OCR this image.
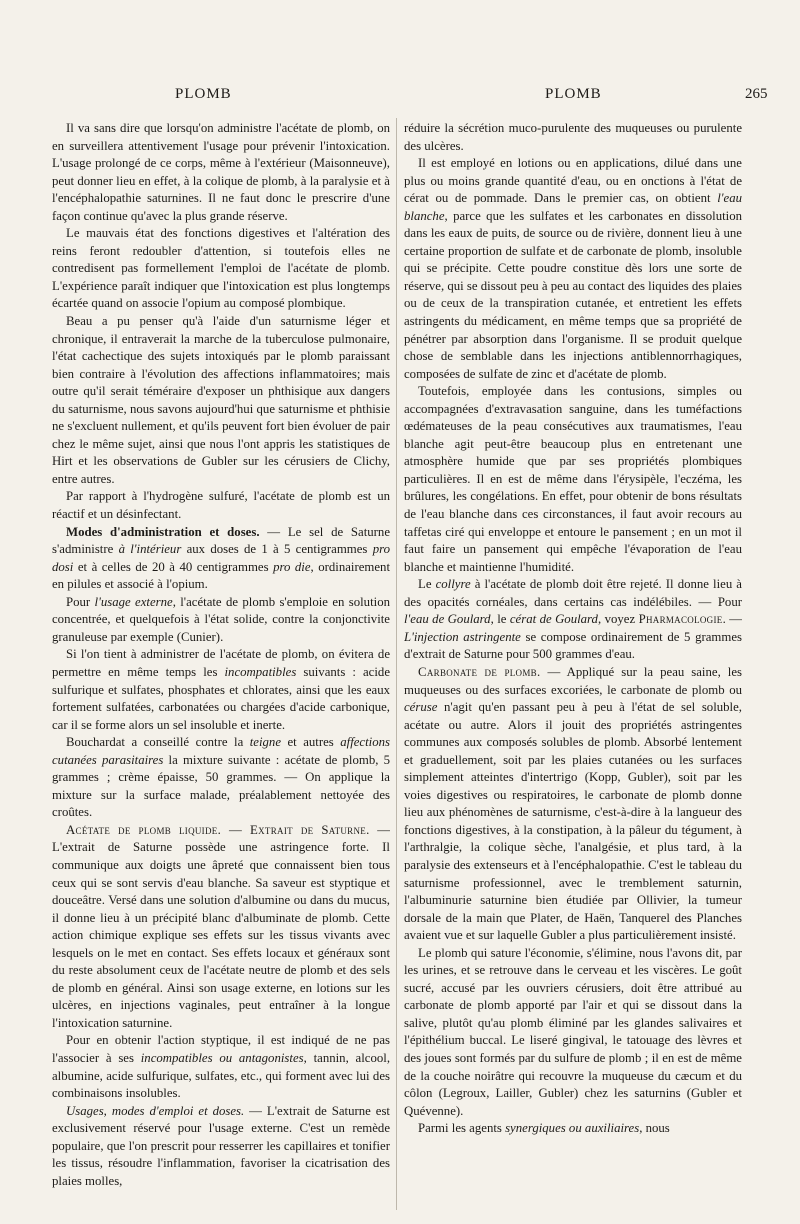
PLOMB	PLOMB	265

Il va sans dire que lorsqu'on administre l'acétate de plomb, on en surveillera attentivement l'usage pour prévenir l'intoxication. L'usage prolongé de ce corps, même à l'extérieur (Maisonneuve), peut donner lieu en effet, à la colique de plomb, à la paralysie et à l'encéphalopathie saturnines. Il ne faut donc le prescrire d'une façon continue qu'avec la plus grande réserve.

Le mauvais état des fonctions digestives et l'altération des reins feront redoubler d'attention, si toutefois elles ne contredisent pas formellement l'emploi de l'acétate de plomb. L'expérience paraît indiquer que l'intoxication est plus longtemps écartée quand on associe l'opium au composé plombique.

Beau a pu penser qu'à l'aide d'un saturnisme léger et chronique, il entraverait la marche de la tuberculose pulmonaire, l'état cachectique des sujets intoxiqués par le plomb paraissant bien contraire à l'évolution des affections inflammatoires; mais outre qu'il serait téméraire d'exposer un phthisique aux dangers du saturnisme, nous savons aujourd'hui que saturnisme et phthisie ne s'excluent nullement, et qu'ils peuvent fort bien évoluer de pair chez le même sujet, ainsi que nous l'ont appris les statistiques de Hirt et les observations de Gubler sur les cérusiers de Clichy, entre autres.

Par rapport à l'hydrogène sulfuré, l'acétate de plomb est un réactif et un désinfectant.

Modes d'administration et doses. — Le sel de Saturne s'administre à l'intérieur aux doses de 1 à 5 centigrammes pro dosi et à celles de 20 à 40 centigrammes pro die, ordinairement en pilules et associé à l'opium.

Pour l'usage externe, l'acétate de plomb s'emploie en solution concentrée, et quelquefois à l'état solide, contre la conjonctivite granuleuse par exemple (Cunier).

Si l'on tient à administrer de l'acétate de plomb, on évitera de permettre en même temps les incompatibles suivants : acide sulfurique et sulfates, phosphates et chlorates, ainsi que les eaux fortement sulfatées, carbonatées ou chargées d'acide carbonique, car il se forme alors un sel insoluble et inerte.

Bouchardat a conseillé contre la teigne et autres affections cutanées parasitaires la mixture suivante : acétate de plomb, 5 grammes ; crème épaisse, 50 grammes. — On applique la mixture sur la surface malade, préalablement nettoyée des croûtes.

Acétate de plomb liquide. — Extrait de Saturne. — L'extrait de Saturne possède une astringence forte. Il communique aux doigts une âpreté que connaissent bien tous ceux qui se sont servis d'eau blanche. Sa saveur est styptique et douceâtre. Versé dans une solution d'albumine ou dans du mucus, il donne lieu à un précipité blanc d'albuminate de plomb. Cette action chimique explique ses effets sur les tissus vivants avec lesquels on le met en contact. Ses effets locaux et généraux sont du reste absolument ceux de l'acétate neutre de plomb et des sels de plomb en général. Ainsi son usage externe, en lotions sur les ulcères, en injections vaginales, peut entraîner à la longue l'intoxication saturnine.

Pour en obtenir l'action styptique, il est indiqué de ne pas l'associer à ses incompatibles ou antagonistes, tannin, alcool, albumine, acide sulfurique, sulfates, etc., qui forment avec lui des combinaisons insolubles.

Usages, modes d'emploi et doses. — L'extrait de Saturne est exclusivement réservé pour l'usage externe. C'est un remède populaire, que l'on prescrit pour resserrer les capillaires et tonifier les tissus, résoudre l'inflammation, favoriser la cicatrisation des plaies molles,

réduire la sécrétion muco-purulente des muqueuses ou purulente des ulcères.

Il est employé en lotions ou en applications, dilué dans une plus ou moins grande quantité d'eau, ou en onctions à l'état de cérat ou de pommade. Dans le premier cas, on obtient l'eau blanche, parce que les sulfates et les carbonates en dissolution dans les eaux de puits, de source ou de rivière, donnent lieu à une certaine proportion de sulfate et de carbonate de plomb, insoluble qui se précipite. Cette poudre constitue dès lors une sorte de réserve, qui se dissout peu à peu au contact des liquides des plaies ou de ceux de la transpiration cutanée, et entretient les effets astringents du médicament, en même temps que sa propriété de pénétrer par absorption dans l'organisme. Il se produit quelque chose de semblable dans les injections antiblennorrhagiques, composées de sulfate de zinc et d'acétate de plomb.

Toutefois, employée dans les contusions, simples ou accompagnées d'extravasation sanguine, dans les tuméfactions œdémateuses de la peau consécutives aux traumatismes, l'eau blanche agit peut-être beaucoup plus en entretenant une atmosphère humide que par ses propriétés plombiques particulières. Il en est de même dans l'érysipèle, l'eczéma, les brûlures, les congélations. En effet, pour obtenir de bons résultats de l'eau blanche dans ces circonstances, il faut avoir recours au taffetas ciré qui enveloppe et entoure le pansement ; en un mot il faut faire un pansement qui empêche l'évaporation de l'eau blanche et maintienne l'humidité.

Le collyre à l'acétate de plomb doit être rejeté. Il donne lieu à des opacités cornéales, dans certains cas indélébiles. — Pour l'eau de Goulard, le cérat de Goulard, voyez Pharmacologie. — L'injection astringente se compose ordinairement de 5 grammes d'extrait de Saturne pour 500 grammes d'eau.

Carbonate de plomb. — Appliqué sur la peau saine, les muqueuses ou des surfaces excoriées, le carbonate de plomb ou céruse n'agit qu'en passant peu à peu à l'état de sel soluble, acétate ou autre. Alors il jouit des propriétés astringentes communes aux composés solubles de plomb. Absorbé lentement et graduellement, soit par les plaies cutanées ou les surfaces simplement atteintes d'intertrigo (Kopp, Gubler), soit par les voies digestives ou respiratoires, le carbonate de plomb donne lieu aux phénomènes de saturnisme, c'est-à-dire à la langueur des fonctions digestives, à la constipation, à la pâleur du tégument, à l'arthralgie, la colique sèche, l'analgésie, et plus tard, à la paralysie des extenseurs et à l'encéphalopathie. C'est le tableau du saturnisme professionnel, avec le tremblement saturnin, l'albuminurie saturnine bien étudiée par Ollivier, la tumeur dorsale de la main que Plater, de Haën, Tanquerel des Planches avaient vue et sur laquelle Gubler a plus particulièrement insisté.

Le plomb qui sature l'économie, s'élimine, nous l'avons dit, par les urines, et se retrouve dans le cerveau et les viscères. Le goût sucré, accusé par les ouvriers cérusiers, doit être attribué au carbonate de plomb apporté par l'air et qui se dissout dans la salive, plutôt qu'au plomb éliminé par les glandes salivaires et l'épithélium buccal. Le liseré gingival, le tatouage des lèvres et des joues sont formés par du sulfure de plomb ; il en est de même de la couche noirâtre qui recouvre la muqueuse du cæcum et du côlon (Legroux, Lailler, Gubler) chez les saturnins (Gubler et Quévenne).

Parmi les agents synergiques ou auxiliaires, nous
